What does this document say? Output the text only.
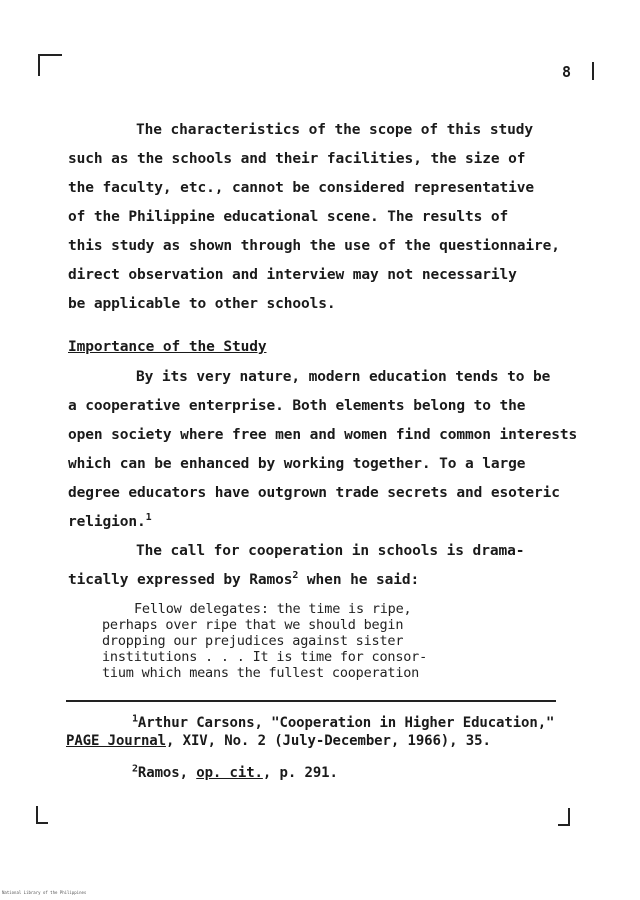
8
The characteristics of the scope of this study
such as the schools and their facilities, the size of
the faculty, etc., cannot be considered representative
of the Philippine educational scene. The results of
this study as shown through the use of the questionnaire,
direct observation and interview may not necessarily
be applicable to other schools.
Importance of the Study
By its very nature, modern education tends to be
a cooperative enterprise. Both elements belong to the
open society where free men and women find common interests
which can be enhanced by working together. To a large
degree educators have outgrown trade secrets and esoteric
religion.$^1$
The call for cooperation in schools is drama-
tically expressed by Ramos$^2$ when he said:
Fellow delegates: the time is ripe,
perhaps over ripe that we should begin
dropping our prejudices against sister
institutions . . . It is time for consor-
tium which means the fullest cooperation
$^1$Arthur Carsons, "Cooperation in Higher Education,"
PAGE Journal, XIV, No. 2 (July-December, 1966), 35.
$^2$Ramos, op. cit., p. 291.
National Library of the Philippines
